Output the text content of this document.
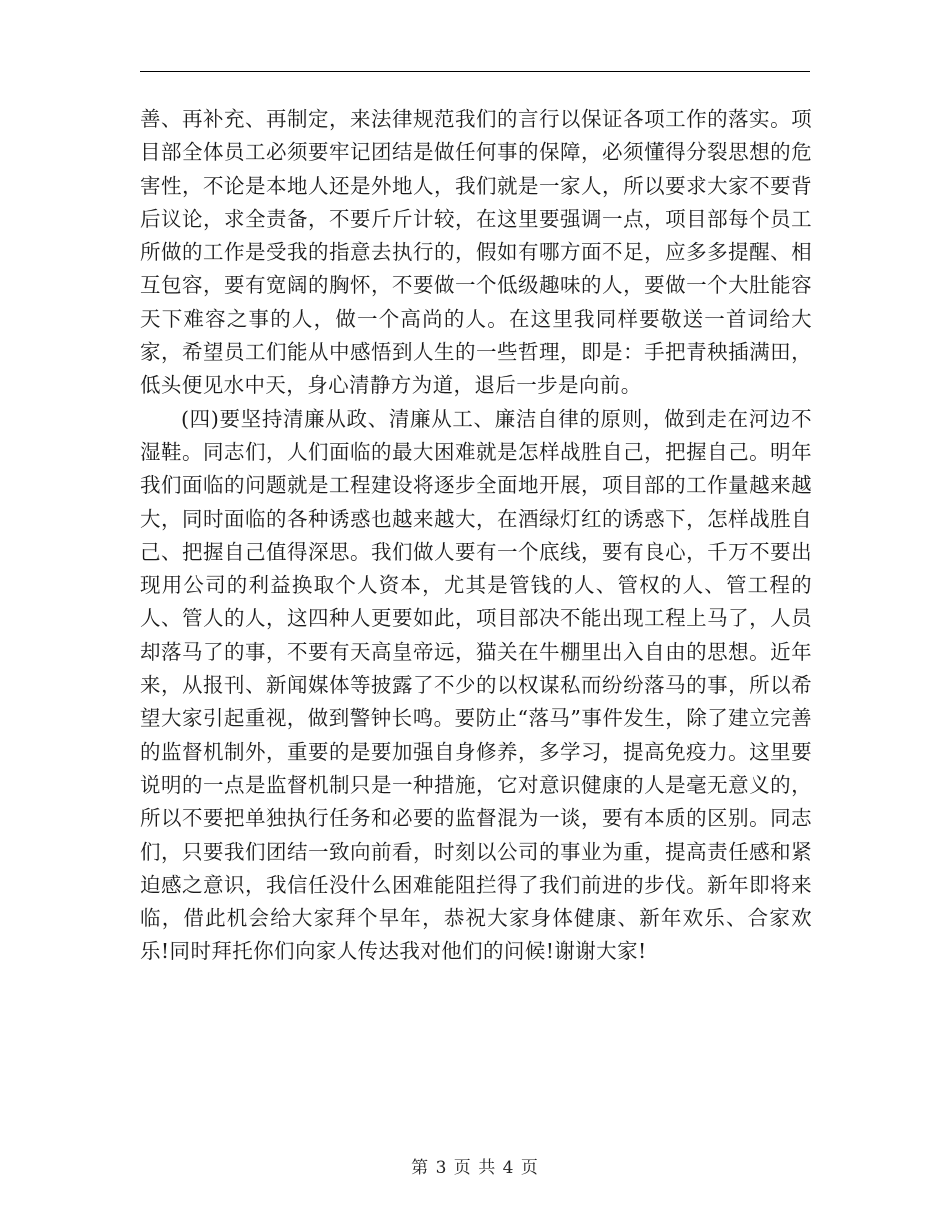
善、再补充、再制定，来法律规范我们的言行以保证各项工作的落实。项目部全体员工必须要牢记团结是做任何事的保障，必须懂得分裂思想的危害性，不论是本地人还是外地人，我们就是一家人，所以要求大家不要背后议论，求全责备，不要斤斤计较，在这里要强调一点，项目部每个员工所做的工作是受我的指意去执行的，假如有哪方面不足，应多多提醒、相互包容，要有宽阔的胸怀，不要做一个低级趣味的人，要做一个大肚能容天下难容之事的人，做一个高尚的人。在这里我同样要敬送一首词给大家，希望员工们能从中感悟到人生的一些哲理，即是：手把青秧插满田，低头便见水中天，身心清静方为道，退后一步是向前。

(四)要坚持清廉从政、清廉从工、廉洁自律的原则，做到走在河边不湿鞋。同志们，人们面临的最大困难就是怎样战胜自己，把握自己。明年我们面临的问题就是工程建设将逐步全面地开展，项目部的工作量越来越大，同时面临的各种诱惑也越来越大，在酒绿灯红的诱惑下，怎样战胜自己、把握自己值得深思。我们做人要有一个底线，要有良心，千万不要出现用公司的利益换取个人资本，尤其是管钱的人、管权的人、管工程的人、管人的人，这四种人更要如此，项目部决不能出现工程上马了，人员却落马了的事，不要有天高皇帝远，猫关在牛棚里出入自由的思想。近年来，从报刊、新闻媒体等披露了不少的以权谋私而纷纷落马的事，所以希望大家引起重视，做到警钟长鸣。要防止“落马”事件发生，除了建立完善的监督机制外，重要的是要加强自身修养，多学习，提高免疫力。这里要说明的一点是监督机制只是一种措施，它对意识健康的人是毫无意义的，所以不要把单独执行任务和必要的监督混为一谈，要有本质的区别。同志们，只要我们团结一致向前看，时刻以公司的事业为重，提高责任感和紧迫感之意识，我信任没什么困难能阻拦得了我们前进的步伐。新年即将来临，借此机会给大家拜个早年，恭祝大家身体健康、新年欢乐、合家欢乐!同时拜托你们向家人传达我对他们的问候!谢谢大家!

第 3 页 共 4 页
